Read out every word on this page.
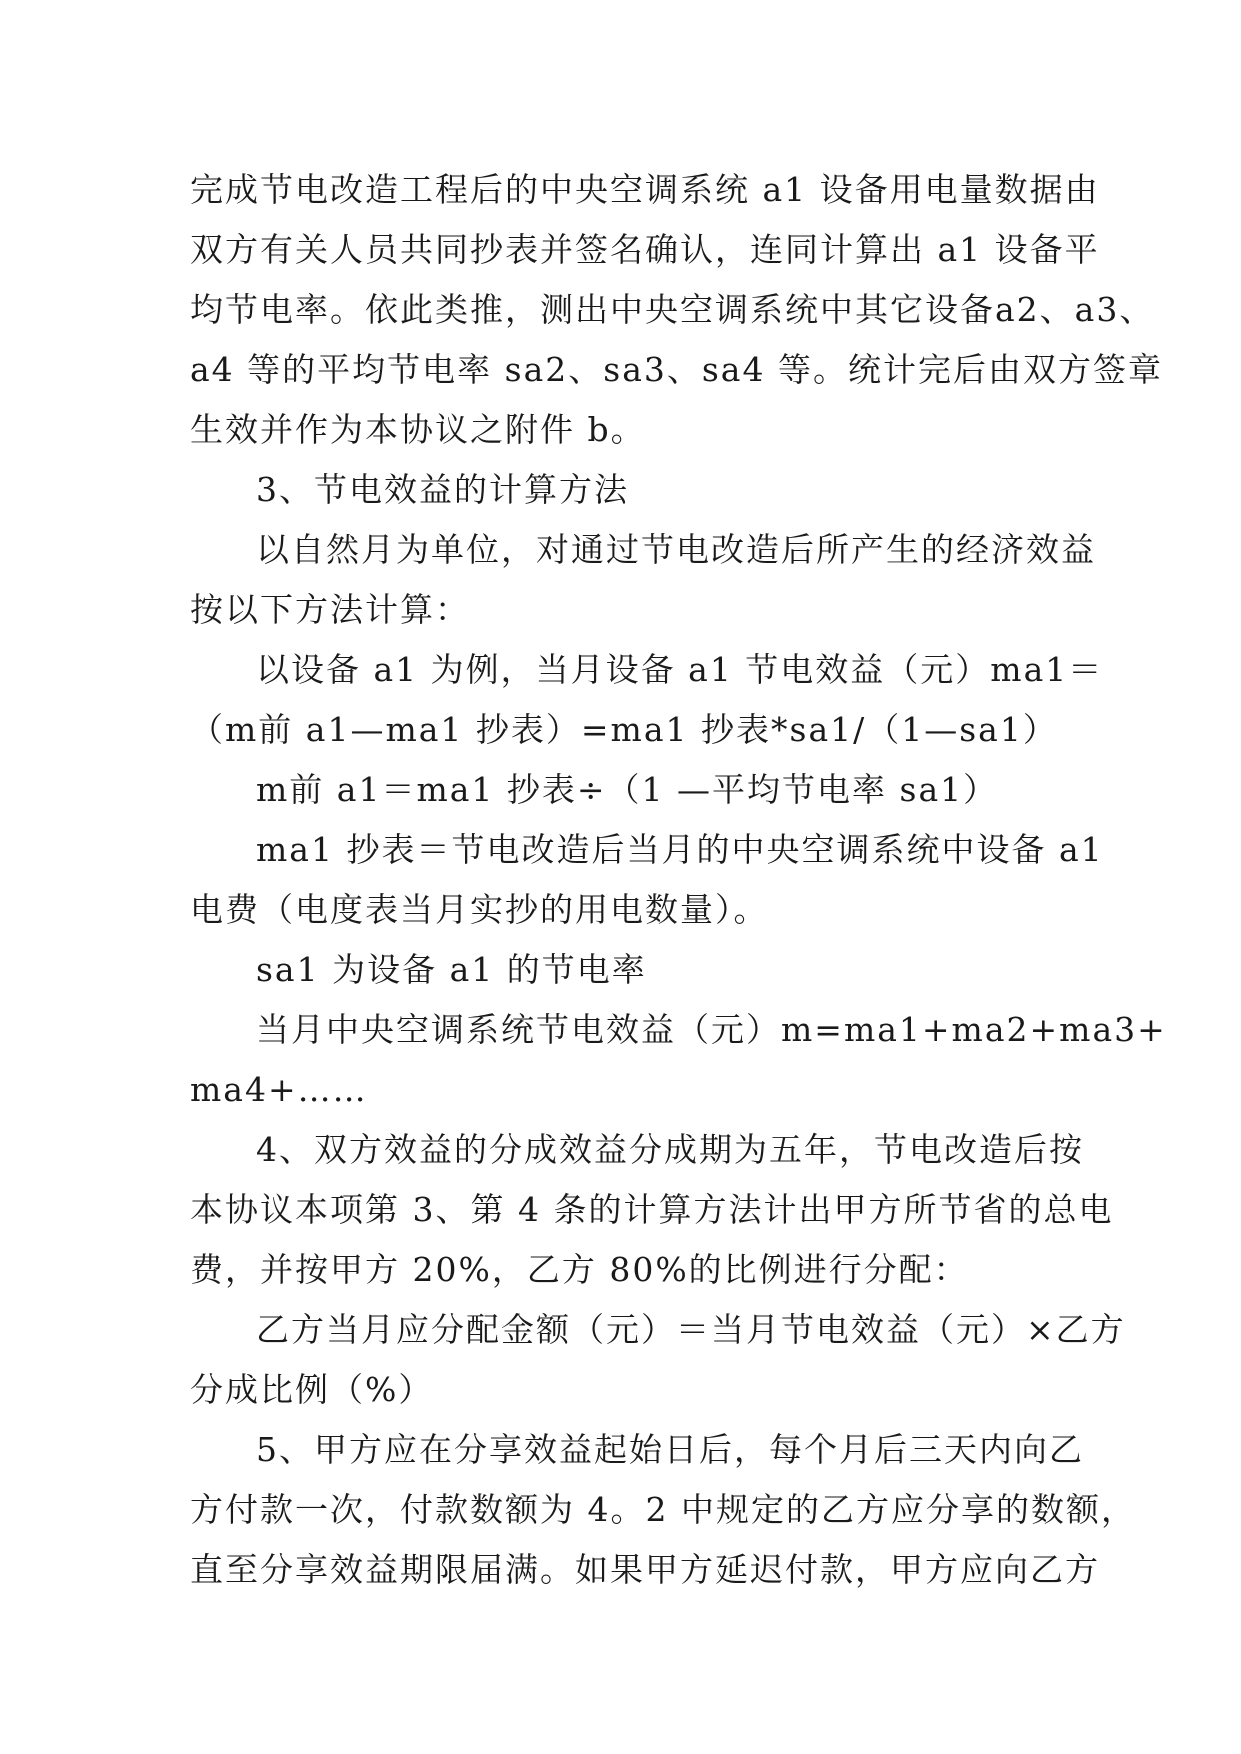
完成节电改造工程后的中央空调系统 a1 设备用电量数据由
双方有关人员共同抄表并签名确认，连同计算出 a1 设备平
均节电率。依此类推，测出中央空调系统中其它设备a2、a3、
a4 等的平均节电率 sa2、sa3、sa4 等。统计完后由双方签章
生效并作为本协议之附件 b。
3、节电效益的计算方法
以自然月为单位，对通过节电改造后所产生的经济效益
按以下方法计算：
以设备 a1 为例，当月设备 a1 节电效益（元）ma1＝
（m前 a1—ma1 抄表）=ma1 抄表*sa1/（1—sa1）
m前 a1＝ma1 抄表÷（1 —平均节电率 sa1）
ma1 抄表＝节电改造后当月的中央空调系统中设备 a1
电费（电度表当月实抄的用电数量）。
sa1 为设备 a1 的节电率
当月中央空调系统节电效益（元）m=ma1+ma2+ma3+
ma4+……
4、双方效益的分成效益分成期为五年，节电改造后按
本协议本项第 3、第 4 条的计算方法计出甲方所节省的总电
费，并按甲方 20%，乙方 80%的比例进行分配：
乙方当月应分配金额（元）＝当月节电效益（元）×乙方
分成比例（%）
5、甲方应在分享效益起始日后，每个月后三天内向乙
方付款一次，付款数额为 4。2 中规定的乙方应分享的数额，
直至分享效益期限届满。如果甲方延迟付款，甲方应向乙方
